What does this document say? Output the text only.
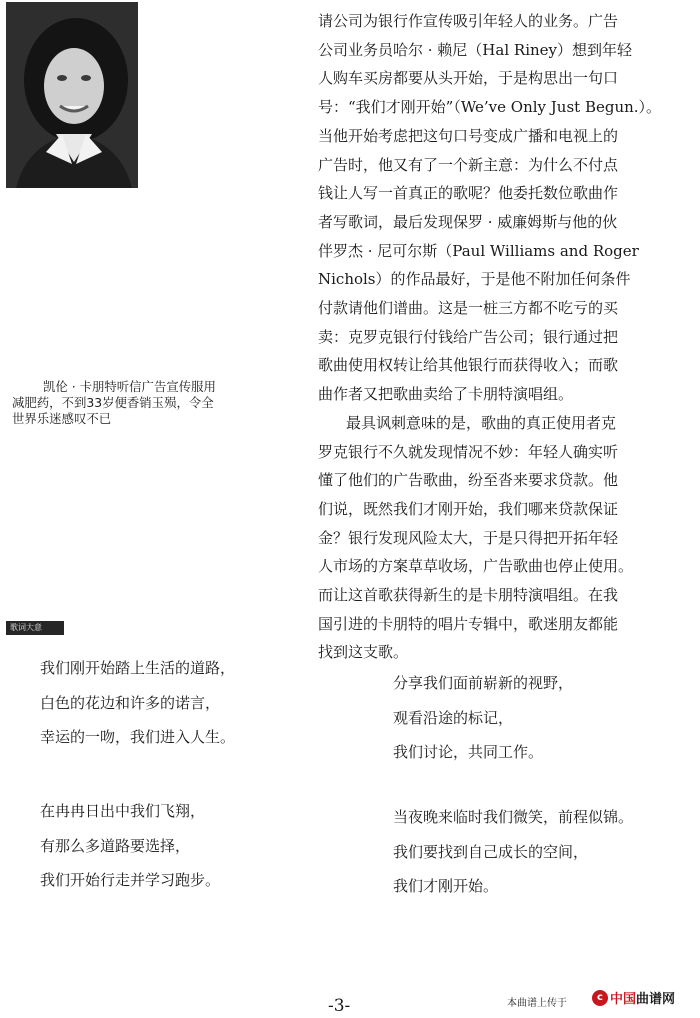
凯伦 · 卡朋特听信广告宣传服用
减肥药，不到33岁便香销玉殒，令全
世界乐迷感叹不已

请公司为银行作宣传吸引年轻人的业务。广告
公司业务员哈尔 · 赖尼（Hal Riney）想到年轻
人购车买房都要从头开始，于是构思出一句口
号：“我们才刚开始”（We’ve Only Just Begun.）。
当他开始考虑把这句口号变成广播和电视上的
广告时，他又有了一个新主意：为什么不付点
钱让人写一首真正的歌呢？他委托数位歌曲作
者写歌词，最后发现保罗 · 威廉姆斯与他的伙
伴罗杰 · 尼可尔斯（Paul Williams and Roger
Nichols）的作品最好，于是他不附加任何条件
付款请他们谱曲。这是一桩三方都不吃亏的买
卖：克罗克银行付钱给广告公司；银行通过把
歌曲使用权转让给其他银行而获得收入；而歌
曲作者又把歌曲卖给了卡朋特演唱组。
最具讽刺意味的是，歌曲的真正使用者克
罗克银行不久就发现情况不妙：年轻人确实听
懂了他们的广告歌曲，纷至沓来要求贷款。他
们说，既然我们才刚开始，我们哪来贷款保证
金？银行发现风险太大，于是只得把开拓年轻
人市场的方案草草收场，广告歌曲也停止使用。
而让这首歌获得新生的是卡朋特演唱组。在我
国引进的卡朋特的唱片专辑中，歌迷朋友都能
找到这支歌。

歌词大意

我们刚开始踏上生活的道路，
白色的花边和许多的诺言，
幸运的一吻，我们进入人生。

在冉冉日出中我们飞翔，
有那么多道路要选择，
我们开始行走并学习跑步。

分享我们面前崭新的视野，
观看沿途的标记，
我们讨论，共同工作。

当夜晚来临时我们微笑，前程似锦。
我们要找到自己成长的空间，
我们才刚开始。

-3-	本曲谱上传于
c 中国曲谱网
